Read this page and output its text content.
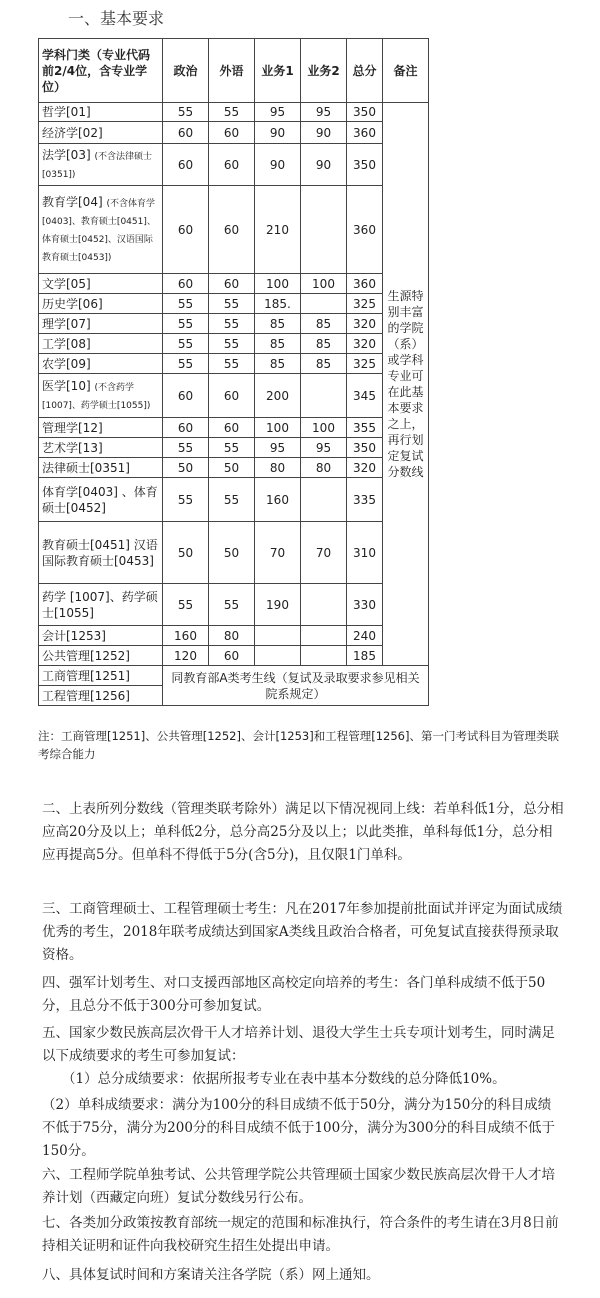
一、基本要求
学科门类（专业代码前2/4位，含专业学位）	政治	外语	业务1	业务2	总分	备注
哲学[01]	55	55	95	95	350	生源特别丰富的学院（系）或学科专业可在此基本要求之上，再行划定复试分数线
经济学[02]	60	60	90	90	360	
法学[03] (不含法律硕士[0351])	60	60	90	90	350	
教育学[04] (不含体育学[0403]、教育硕士[0451]、体育硕士[0452]、汉语国际教育硕士[0453])	60	60	210		360	
文学[05]	60	60	100	100	360	
历史学[06]	55	55	185.		325	
理学[07]	55	55	85	85	320	
工学[08]	55	55	85	85	320	
农学[09]	55	55	85	85	325	
医学[10] (不含药学[1007]、药学硕士[1055])	60	60	200		345	
管理学[12]	60	60	100	100	355	
艺术学[13]	55	55	95	95	350	
法律硕士[0351]	50	50	80	80	320	
体育学[0403] 、体育硕士[0452]	55	55	160		335	
教育硕士[0451] 汉语国际教育硕士[0453]	50	50	70	70	310	
药学 [1007]、药学硕士[1055]	55	55	190		330	
会计[1253]	160	80			240	
公共管理[1252]	120	60			185	
工商管理[1251]	同教育部A类考生线（复试及录取要求参见相关院系规定）					
工程管理[1256]						
注：工商管理[1251]、公共管理[1252]、会计[1253]和工程管理[1256]、第一门考试科目为管理类联考综合能力
二、上表所列分数线（管理类联考除外）满足以下情况视同上线：若单科低1分，总分相应高20分及以上；单科低2分，总分高25分及以上；以此类推，单科每低1分，总分相应再提高5分。但单科不得低于5分(含5分)，且仅限1门单科。
三、工商管理硕士、工程管理硕士考生：凡在2017年参加提前批面试并评定为面试成绩优秀的考生，2018年联考成绩达到国家A类线且政治合格者，可免复试直接获得预录取资格。
四、强军计划考生、对口支援西部地区高校定向培养的考生：各门单科成绩不低于50分，且总分不低于300分可参加复试。
五、国家少数民族高层次骨干人才培养计划、退役大学生士兵专项计划考生，同时满足以下成绩要求的考生可参加复试：
（1）总分成绩要求：依据所报考专业在表中基本分数线的总分降低10%。
（2）单科成绩要求：满分为100分的科目成绩不低于50分，满分为150分的科目成绩不低于75分，满分为200分的科目成绩不低于100分，满分为300分的科目成绩不低于150分。
六、工程师学院单独考试、公共管理学院公共管理硕士国家少数民族高层次骨干人才培养计划（西藏定向班）复试分数线另行公布。
七、各类加分政策按教育部统一规定的范围和标准执行，符合条件的考生请在3月8日前持相关证明和证件向我校研究生招生处提出申请。
八、具体复试时间和方案请关注各学院（系）网上通知。
